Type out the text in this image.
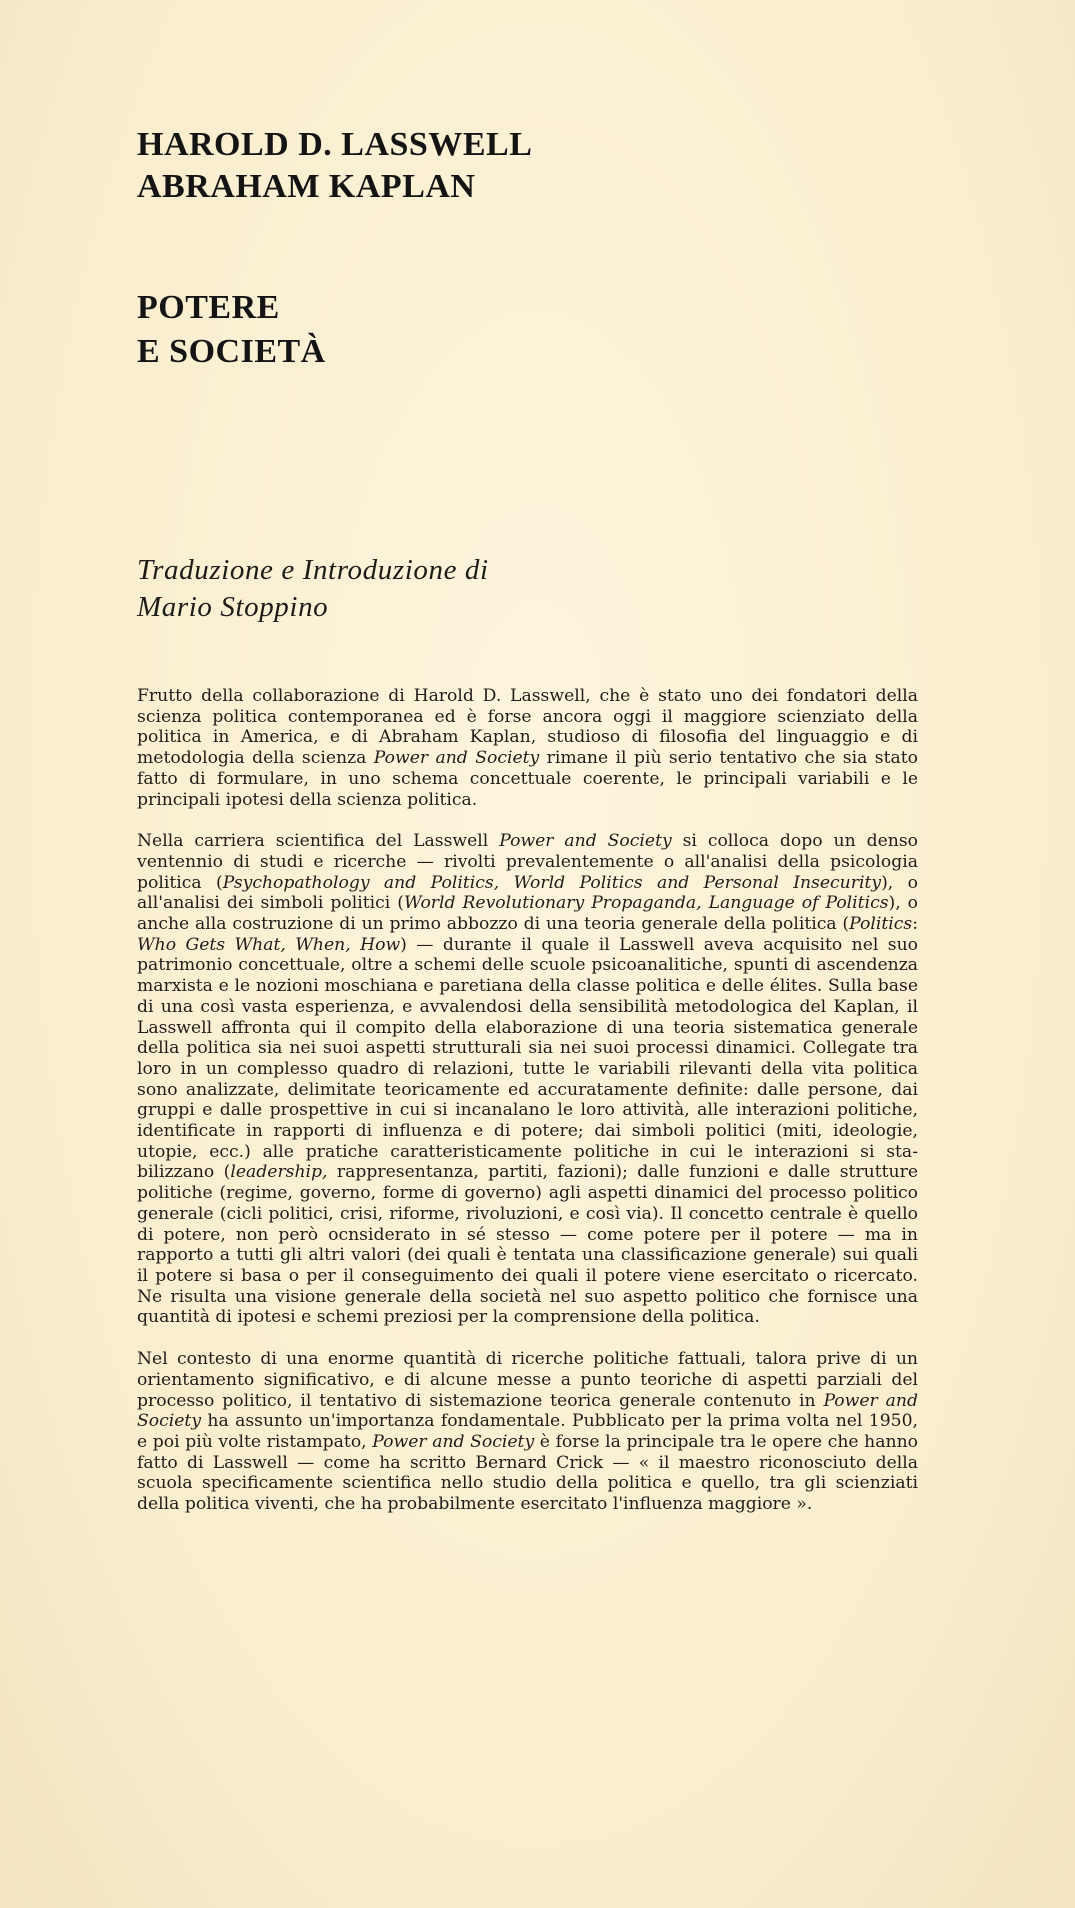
HAROLD D. LASSWELL
ABRAHAM KAPLAN
POTERE
E SOCIETÀ
Traduzione e Introduzione di
Mario Stoppino

Frutto della collaborazione di Harold D. Lasswell, che è stato uno dei fondatori della scienza politica contemporanea ed è forse ancora oggi il maggiore scienziato della politica in America, e di Abraham Kaplan, studioso di filosofia del linguaggio e di metodologia della scienza Power and Society rimane il più serio tentativo che sia stato fatto di formulare, in uno schema concettuale coerente, le principali variabili e le principali ipotesi della scienza politica.

Nella carriera scientifica del Lasswell Power and Society si colloca dopo un denso ventennio di studi e ricerche — rivolti prevalentemente o all'analisi della psicologia politica (Psychopathology and Politics, World Politics and Personal Insecurity), o all'analisi dei simboli politici (World Revolutionary Propaganda, Language of Politics), o anche alla costruzione di un primo abbozzo di una teoria generale della politica (Politics: Who Gets What, When, How) — durante il quale il Lasswell aveva acquisito nel suo patrimonio concettuale, oltre a schemi delle scuole psicoanalitiche, spunti di ascendenza marxista e le nozioni moschiana e paretiana della classe politica e delle élites. Sulla base di una così vasta esperienza, e avvalendosi della sensibilità metodologica del Kaplan, il Lasswell affronta qui il compito della elaborazione di una teoria sistematica generale della politica sia nei suoi aspetti strutturali sia nei suoi processi dinamici. Collegate tra loro in un complesso quadro di relazioni, tutte le variabili rilevanti della vita politica sono analizzate, delimitate teoricamente ed accuratamente definite: dalle persone, dai gruppi e dalle prospettive in cui si incanalano le loro attività, alle interazioni politiche, identificate in rapporti di influenza e di potere; dai simboli politici (miti, ideologie, utopie, ecc.) alle pratiche caratteristicamente politiche in cui le interazioni si stabilizzano (leadership, rappresentanza, partiti, fazioni); dalle funzioni e dalle strutture politiche (regime, governo, forme di governo) agli aspetti dinamici del processo politico generale (cicli politici, crisi, riforme, rivoluzioni, e così via). Il concetto centrale è quello di potere, non però ocnsiderato in sé stesso — come potere per il potere — ma in rapporto a tutti gli altri valori (dei quali è tentata una classificazione generale) sui quali il potere si basa o per il conseguimento dei quali il potere viene esercitato o ricercato. Ne risulta una visione generale della società nel suo aspetto politico che fornisce una quantità di ipotesi e schemi preziosi per la comprensione della politica.

Nel contesto di una enorme quantità di ricerche politiche fattuali, talora prive di un orientamento significativo, e di alcune messe a punto teoriche di aspetti parziali del processo politico, il tentativo di sistemazione teorica generale contenuto in Power and Society ha assunto un'importanza fondamentale. Pubblicato per la prima volta nel 1950, e poi più volte ristampato, Power and Society è forse la principale tra le opere che hanno fatto di Lasswell — come ha scritto Bernard Crick — « il maestro riconosciuto della scuola specificamente scientifica nello studio della politica e quello, tra gli scienziati della politica viventi, che ha probabilmente esercitato l'influenza maggiore ».
